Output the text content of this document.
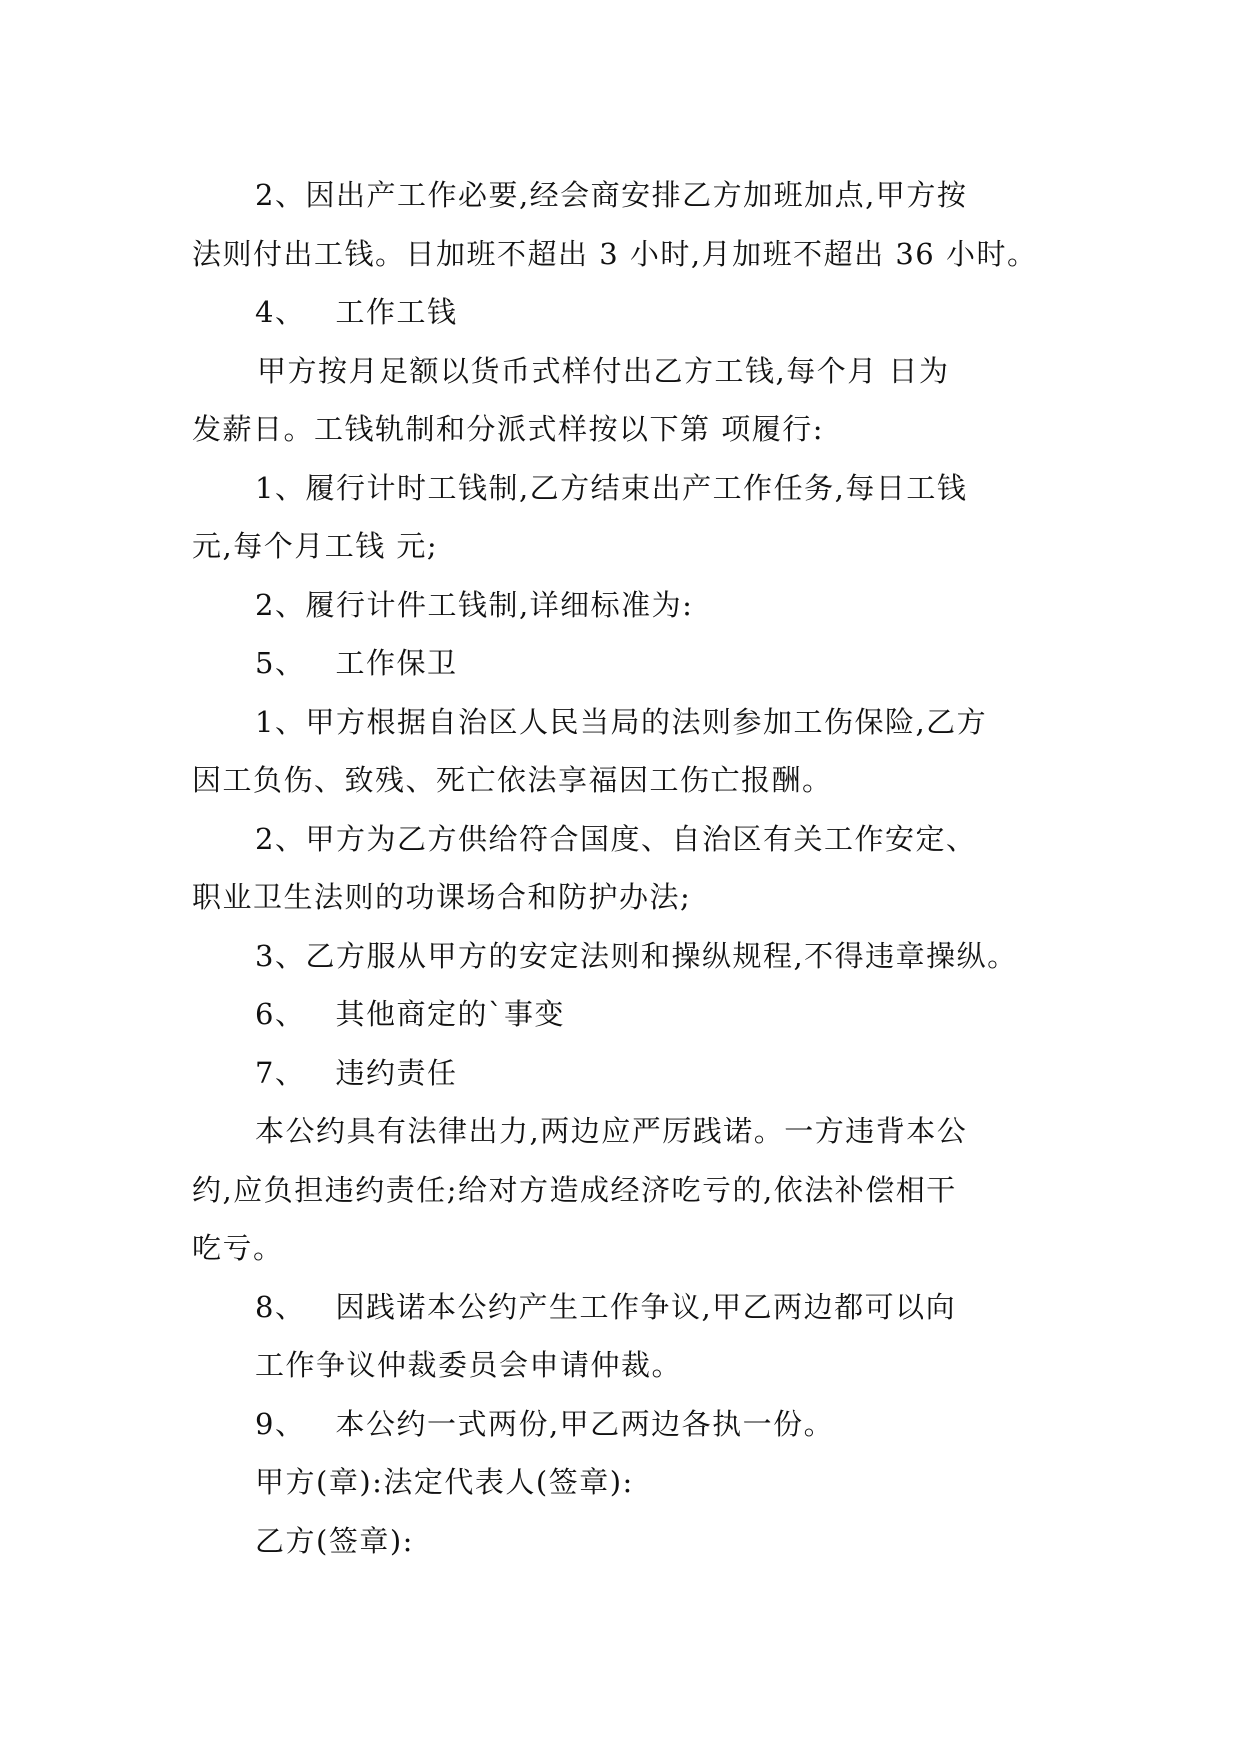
2、因出产工作必要,经会商安排乙方加班加点,甲方按
法则付出工钱。日加班不超出 3 小时,月加班不超出 36 小时。
4、 工作工钱
甲方按月足额以货币式样付出乙方工钱,每个月 日为
发薪日。工钱轨制和分派式样按以下第 项履行:
1、履行计时工钱制,乙方结束出产工作任务,每日工钱
元,每个月工钱 元;
2、履行计件工钱制,详细标准为:
5、 工作保卫
1、甲方根据自治区人民当局的法则参加工伤保险,乙方
因工负伤、致残、死亡依法享福因工伤亡报酬。
2、甲方为乙方供给符合国度、自治区有关工作安定、
职业卫生法则的功课场合和防护办法;
3、乙方服从甲方的安定法则和操纵规程,不得违章操纵。
6、 其他商定的`事变
7、 违约责任
本公约具有法律出力,两边应严厉践诺。一方违背本公
约,应负担违约责任;给对方造成经济吃亏的,依法补偿相干
吃亏。
8、 因践诺本公约产生工作争议,甲乙两边都可以向
工作争议仲裁委员会申请仲裁。
9、 本公约一式两份,甲乙两边各执一份。
甲方(章):法定代表人(签章):
乙方(签章):
